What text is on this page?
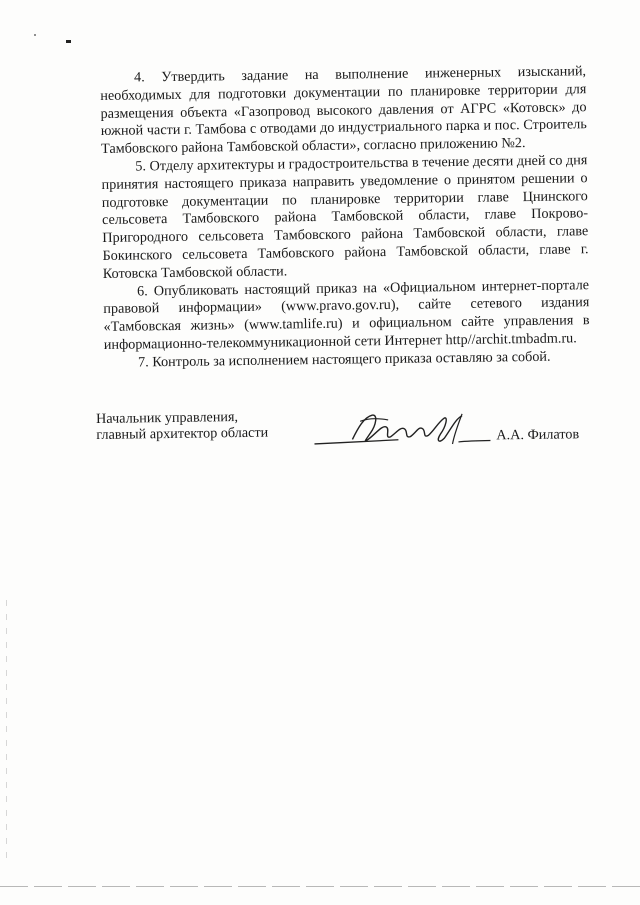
4. Утвердить задание на выполнение инженерных изысканий, необходимых для подготовки документации по планировке территории для размещения объекта «Газопровод высокого давления от АГРС «Котовск» до южной части г. Тамбова с отводами до индустриального парка и пос. Строитель Тамбовского района Тамбовской области», согласно приложению №2.

5. Отделу архитектуры и градостроительства в течение десяти дней со дня принятия настоящего приказа направить уведомление о принятом решении о подготовке документации по планировке территории главе Цнинского сельсовета Тамбовского района Тамбовской области, главе Покрово-Пригородного сельсовета Тамбовского района Тамбовской области, главе Бокинского сельсовета Тамбовского района Тамбовской области, главе г. Котовска Тамбовской области.

6. Опубликовать настоящий приказ на «Официальном интернет-портале правовой информации» (www.pravo.gov.ru), сайте сетевого издания «Тамбовская жизнь» (www.tamlife.ru) и официальном сайте управления в информационно-телекоммуникационной сети Интернет http//archit.tmbadm.ru.

7. Контроль за исполнением настоящего приказа оставляю за собой.

Начальник управления,
главный архитектор области	А.А. Филатов
